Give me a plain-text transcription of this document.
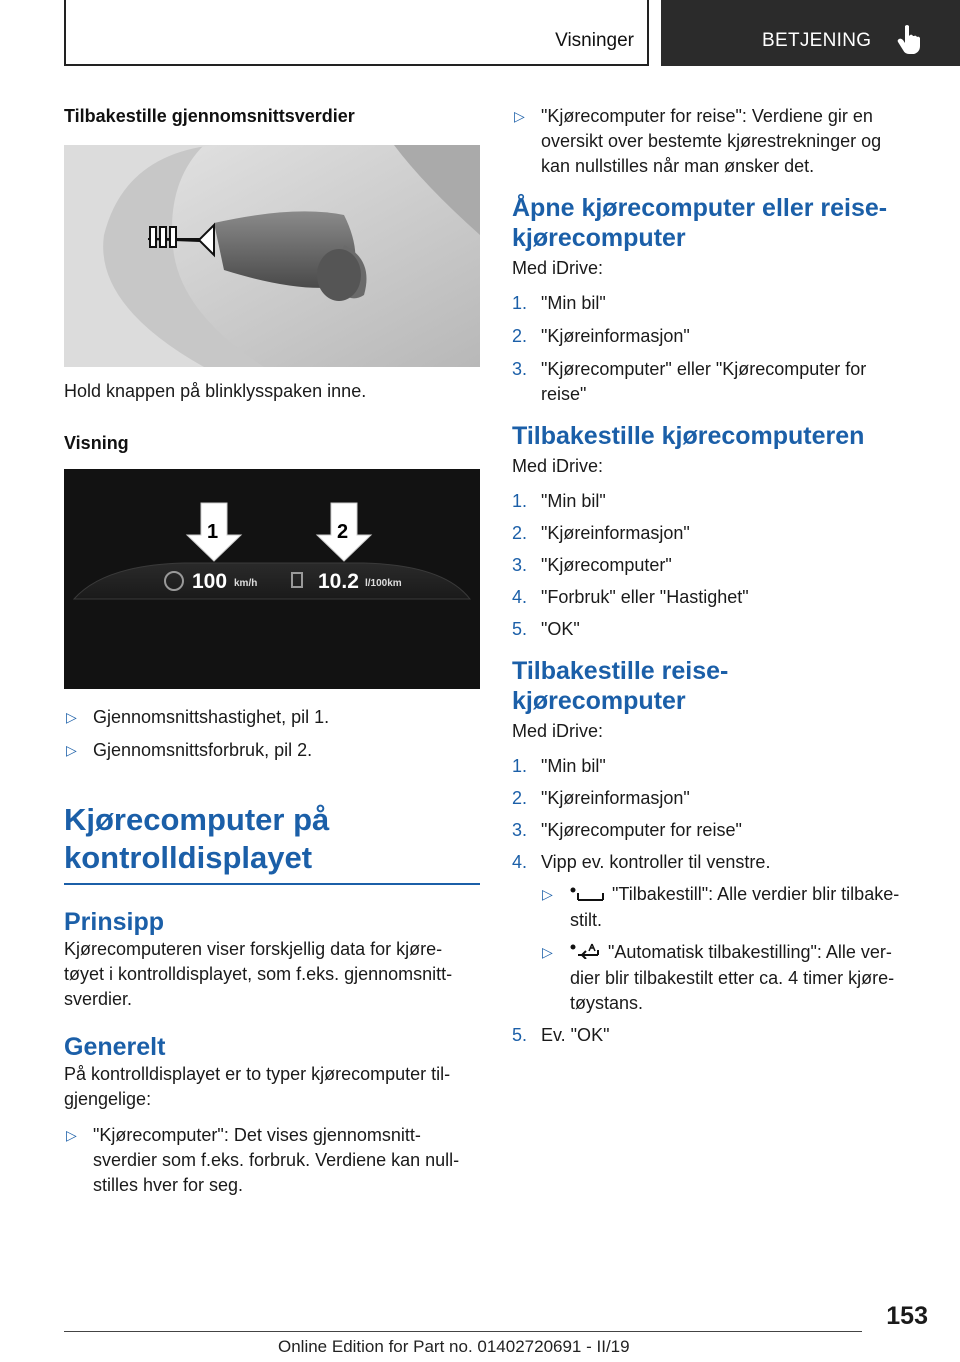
Visninger	BETJENING
Tilbakestille gjennomsnittsverdier
Hold knappen på blinklysspaken inne.
Visning
1	2
100 km/h	10.2 l/100km
▷ Gjennomsnittshastighet, pil 1.
▷ Gjennomsnittsforbruk, pil 2.
Kjørecomputer på
kontrolldisplayet
Prinsipp
Kjørecomputeren viser forskjellig data for kjøre-
tøyet i kontrolldisplayet, som f.eks. gjennomsnitt-
sverdier.
Generelt
På kontrolldisplayet er to typer kjørecomputer til-
gjengelige:
▷ "Kjørecomputer": Det vises gjennomsnitt-
sverdier som f.eks. forbruk. Verdiene kan null-
stilles hver for seg.
▷ "Kjørecomputer for reise": Verdiene gir en
oversikt over bestemte kjørestrekninger og
kan nullstilles når man ønsker det.
Åpne kjørecomputer eller reise-
kjørecomputer
Med iDrive:
1. "Min bil"
2. "Kjøreinformasjon"
3. "Kjørecomputer" eller "Kjørecomputer for
reise"
Tilbakestille kjørecomputeren
Med iDrive:
1. "Min bil"
2. "Kjøreinformasjon"
3. "Kjørecomputer"
4. "Forbruk" eller "Hastighet"
5. "OK"
Tilbakestille reise-
kjørecomputer
Med iDrive:
1. "Min bil"
2. "Kjøreinformasjon"
3. "Kjørecomputer for reise"
4. Vipp ev. kontroller til venstre.
▷	"Tilbakestill": Alle verdier blir tilbake-
stilt.
▷	"Automatisk tilbakestilling": Alle ver-
dier blir tilbakestilt etter ca. 4 timer kjøre-
tøystans.
5. Ev. "OK"
153
Online Edition for Part no. 01402720691 - II/19
